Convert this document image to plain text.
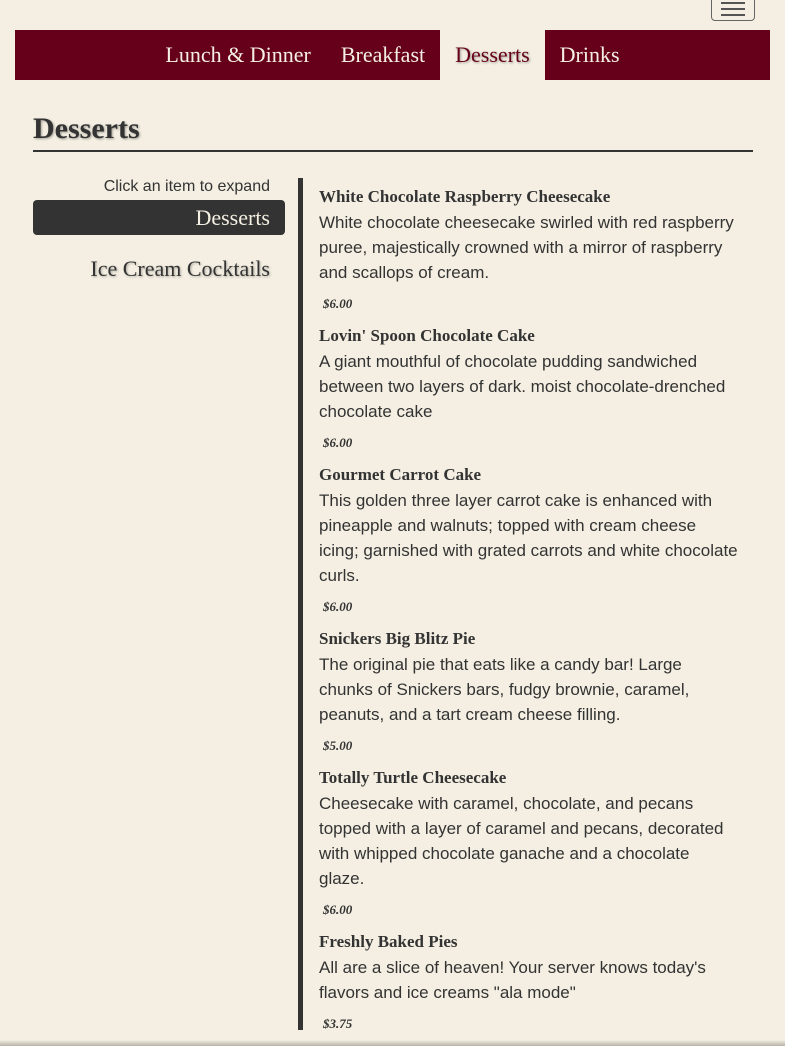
Lunch & Dinner	Breakfast	Desserts	Drinks
Desserts
Click an item to expand
Desserts
Ice Cream Cocktails
White Chocolate Raspberry Cheesecake
White chocolate cheesecake swirled with red raspberry puree, majestically crowned with a mirror of raspberry and scallops of cream.
$6.00
Lovin' Spoon Chocolate Cake
A giant mouthful of chocolate pudding sandwiched between two layers of dark. moist chocolate-drenched chocolate cake
$6.00
Gourmet Carrot Cake
This golden three layer carrot cake is enhanced with pineapple and walnuts; topped with cream cheese icing; garnished with grated carrots and white chocolate curls.
$6.00
Snickers Big Blitz Pie
The original pie that eats like a candy bar! Large chunks of Snickers bars, fudgy brownie, caramel, peanuts, and a tart cream cheese filling.
$5.00
Totally Turtle Cheesecake
Cheesecake with caramel, chocolate, and pecans topped with a layer of caramel and pecans, decorated with whipped chocolate ganache and a chocolate glaze.
$6.00
Freshly Baked Pies
All are a slice of heaven! Your server knows today's flavors and ice creams "ala mode"
$3.75
